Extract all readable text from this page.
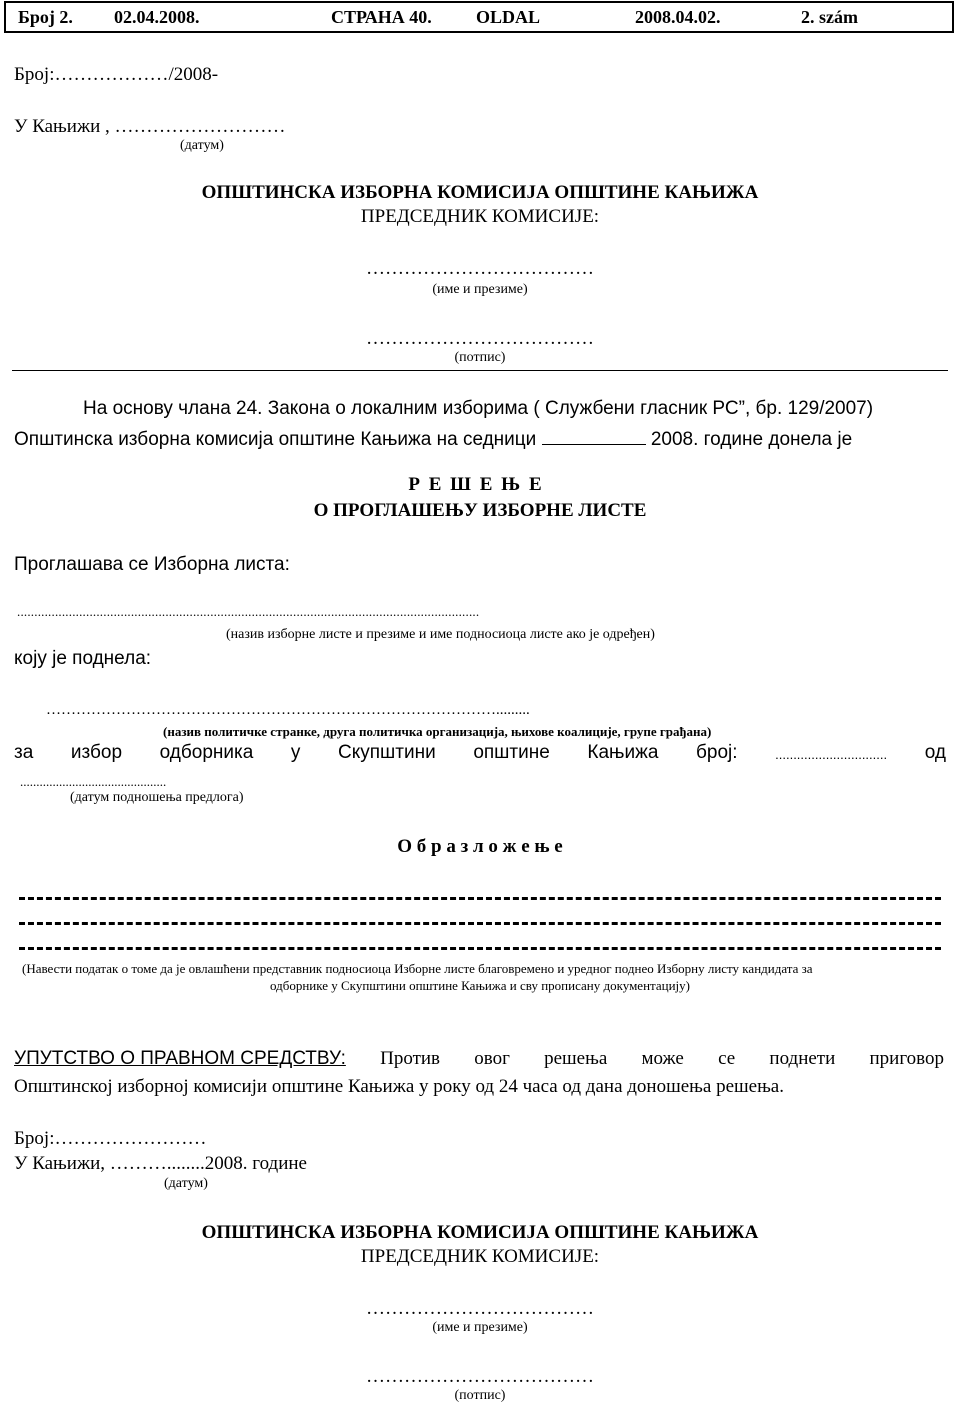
Број 2. 02.04.2008.	СТРАНА 40. OLDAL	2008.04.02.	2. szám
Број:………………/2008-
У Кањижи , ………………………
(датум)
ОПШТИНСКА ИЗБОРНА КОМИСИЈА ОПШТИНЕ КАЊИЖА
ПРЕДСЕДНИК КОМИСИЈЕ:
………………………………
(име и презиме)
………………………………
(потпис)
На основу члана 24. Закона о локалним изборима ( Службени гласник РС”, бр. 129/2007)
Општинска изборна комисија општине Кањижа на седници	2008. године донела је
Р Е Ш Е Њ Е
О ПРОГЛАШЕЊУ ИЗБОРНЕ ЛИСТЕ
Проглашава се Изборна листа:
......................................................................................................................................
(назив изборне листе и презиме и име подносиоца листе ако је одређен)
коју је поднела:
……………………………………………………………………………….........
(назив политичке странке, друга политичка организација, њихове коалиције, групе грађана)
за избор одборника у Скупштини општине Кањижа број:	............................... од
.............................................
(датум подношења предлога)
О б р а з л о ж е њ е
(Навести податак о томе да је овлашћени представник подносиоца Изборне листе благовремено и уредног поднео Изборну листу кандидата за
одборнике у Скупштини општине Кањижа и сву прописану документацију)
УПУТСТВО О ПРАВНОМ СРЕДСТВУ: Против овог решења може се поднети приговор
Општинској изборној комисији општине Кањижа у року од 24 часа од дана доношења решења.
Број:……………………
У Кањижи, ………........2008. године
(датум)
ОПШТИНСКА ИЗБОРНА КОМИСИЈА ОПШТИНЕ КАЊИЖА
ПРЕДСЕДНИК КОМИСИЈЕ:
………………………………
(име и презиме)
………………………………
(потпис)
